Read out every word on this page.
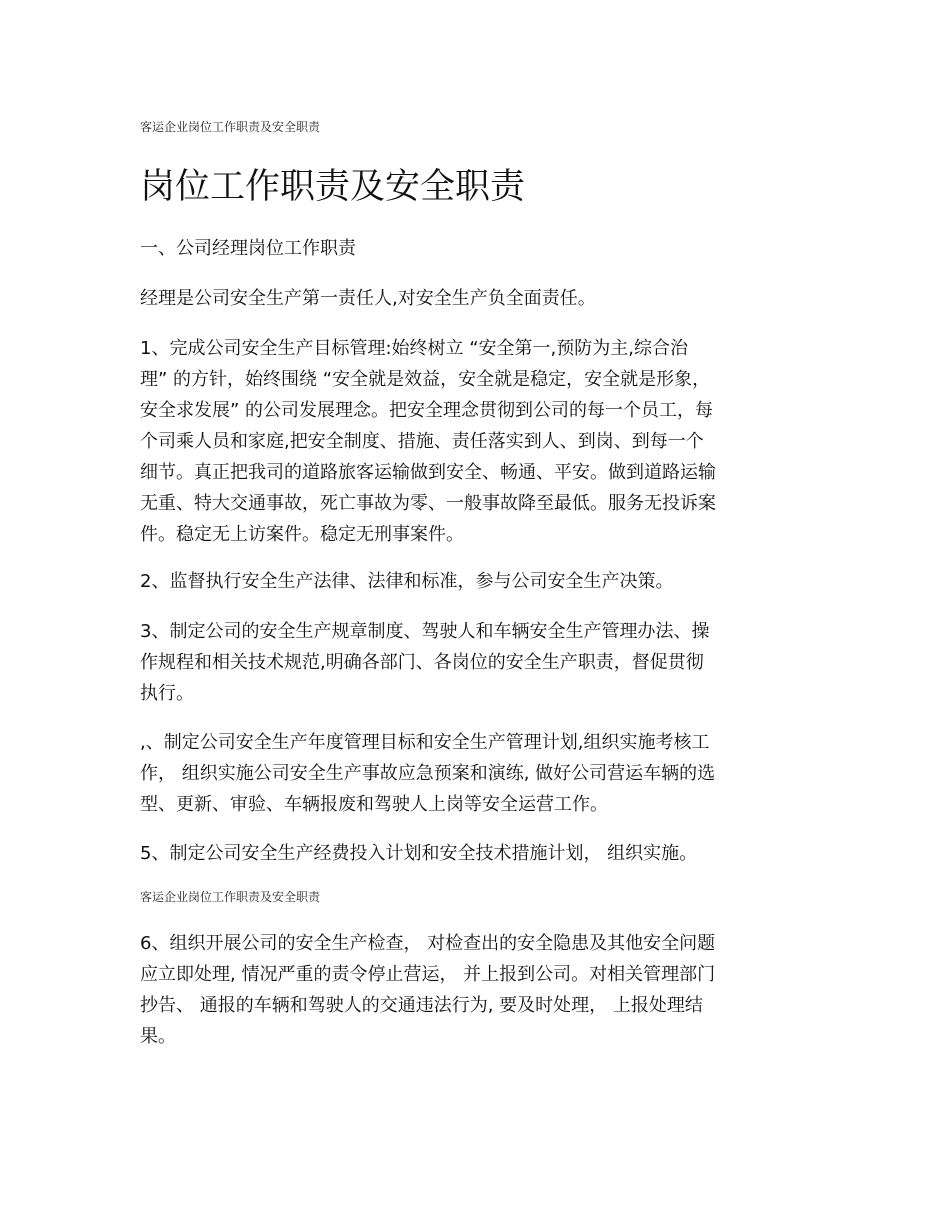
客运企业岗位工作职责及安全职责
岗位工作职责及安全职责

一、公司经理岗位工作职责

经理是公司安全生产第一责任人,对安全生产负全面责任。

1、完成公司安全生产目标管理:始终树立 “安全第一,预防为主,综合治
理” 的方针，始终围绕 “安全就是效益，安全就是稳定，安全就是形象，
安全求发展” 的公司发展理念。把安全理念贯彻到公司的每一个员工，每
个司乘人员和家庭,把安全制度、措施、责任落实到人、到岗、到每一个
细节。真正把我司的道路旅客运输做到安全、畅通、平安。做到道路运输
无重、特大交通事故，死亡事故为零、一般事故降至最低。服务无投诉案
件。稳定无上访案件。稳定无刑事案件。

2、监督执行安全生产法律、法律和标准，参与公司安全生产决策。

3、制定公司的安全生产规章制度、驾驶人和车辆安全生产管理办法、操
作规程和相关技术规范,明确各部门、各岗位的安全生产职责，督促贯彻
执行。

,、制定公司安全生产年度管理目标和安全生产管理计划,组织实施考核工
作， 组织实施公司安全生产事故应急预案和演练, 做好公司营运车辆的选
型、更新、审验、车辆报废和驾驶人上岗等安全运营工作。

5、制定公司安全生产经费投入计划和安全技术措施计划， 组织实施。

客运企业岗位工作职责及安全职责

6、组织开展公司的安全生产检查， 对检查出的安全隐患及其他安全问题
应立即处理, 情况严重的责令停止营运， 并上报到公司。对相关管理部门
抄告、 通报的车辆和驾驶人的交通违法行为, 要及时处理， 上报处理结
果。
